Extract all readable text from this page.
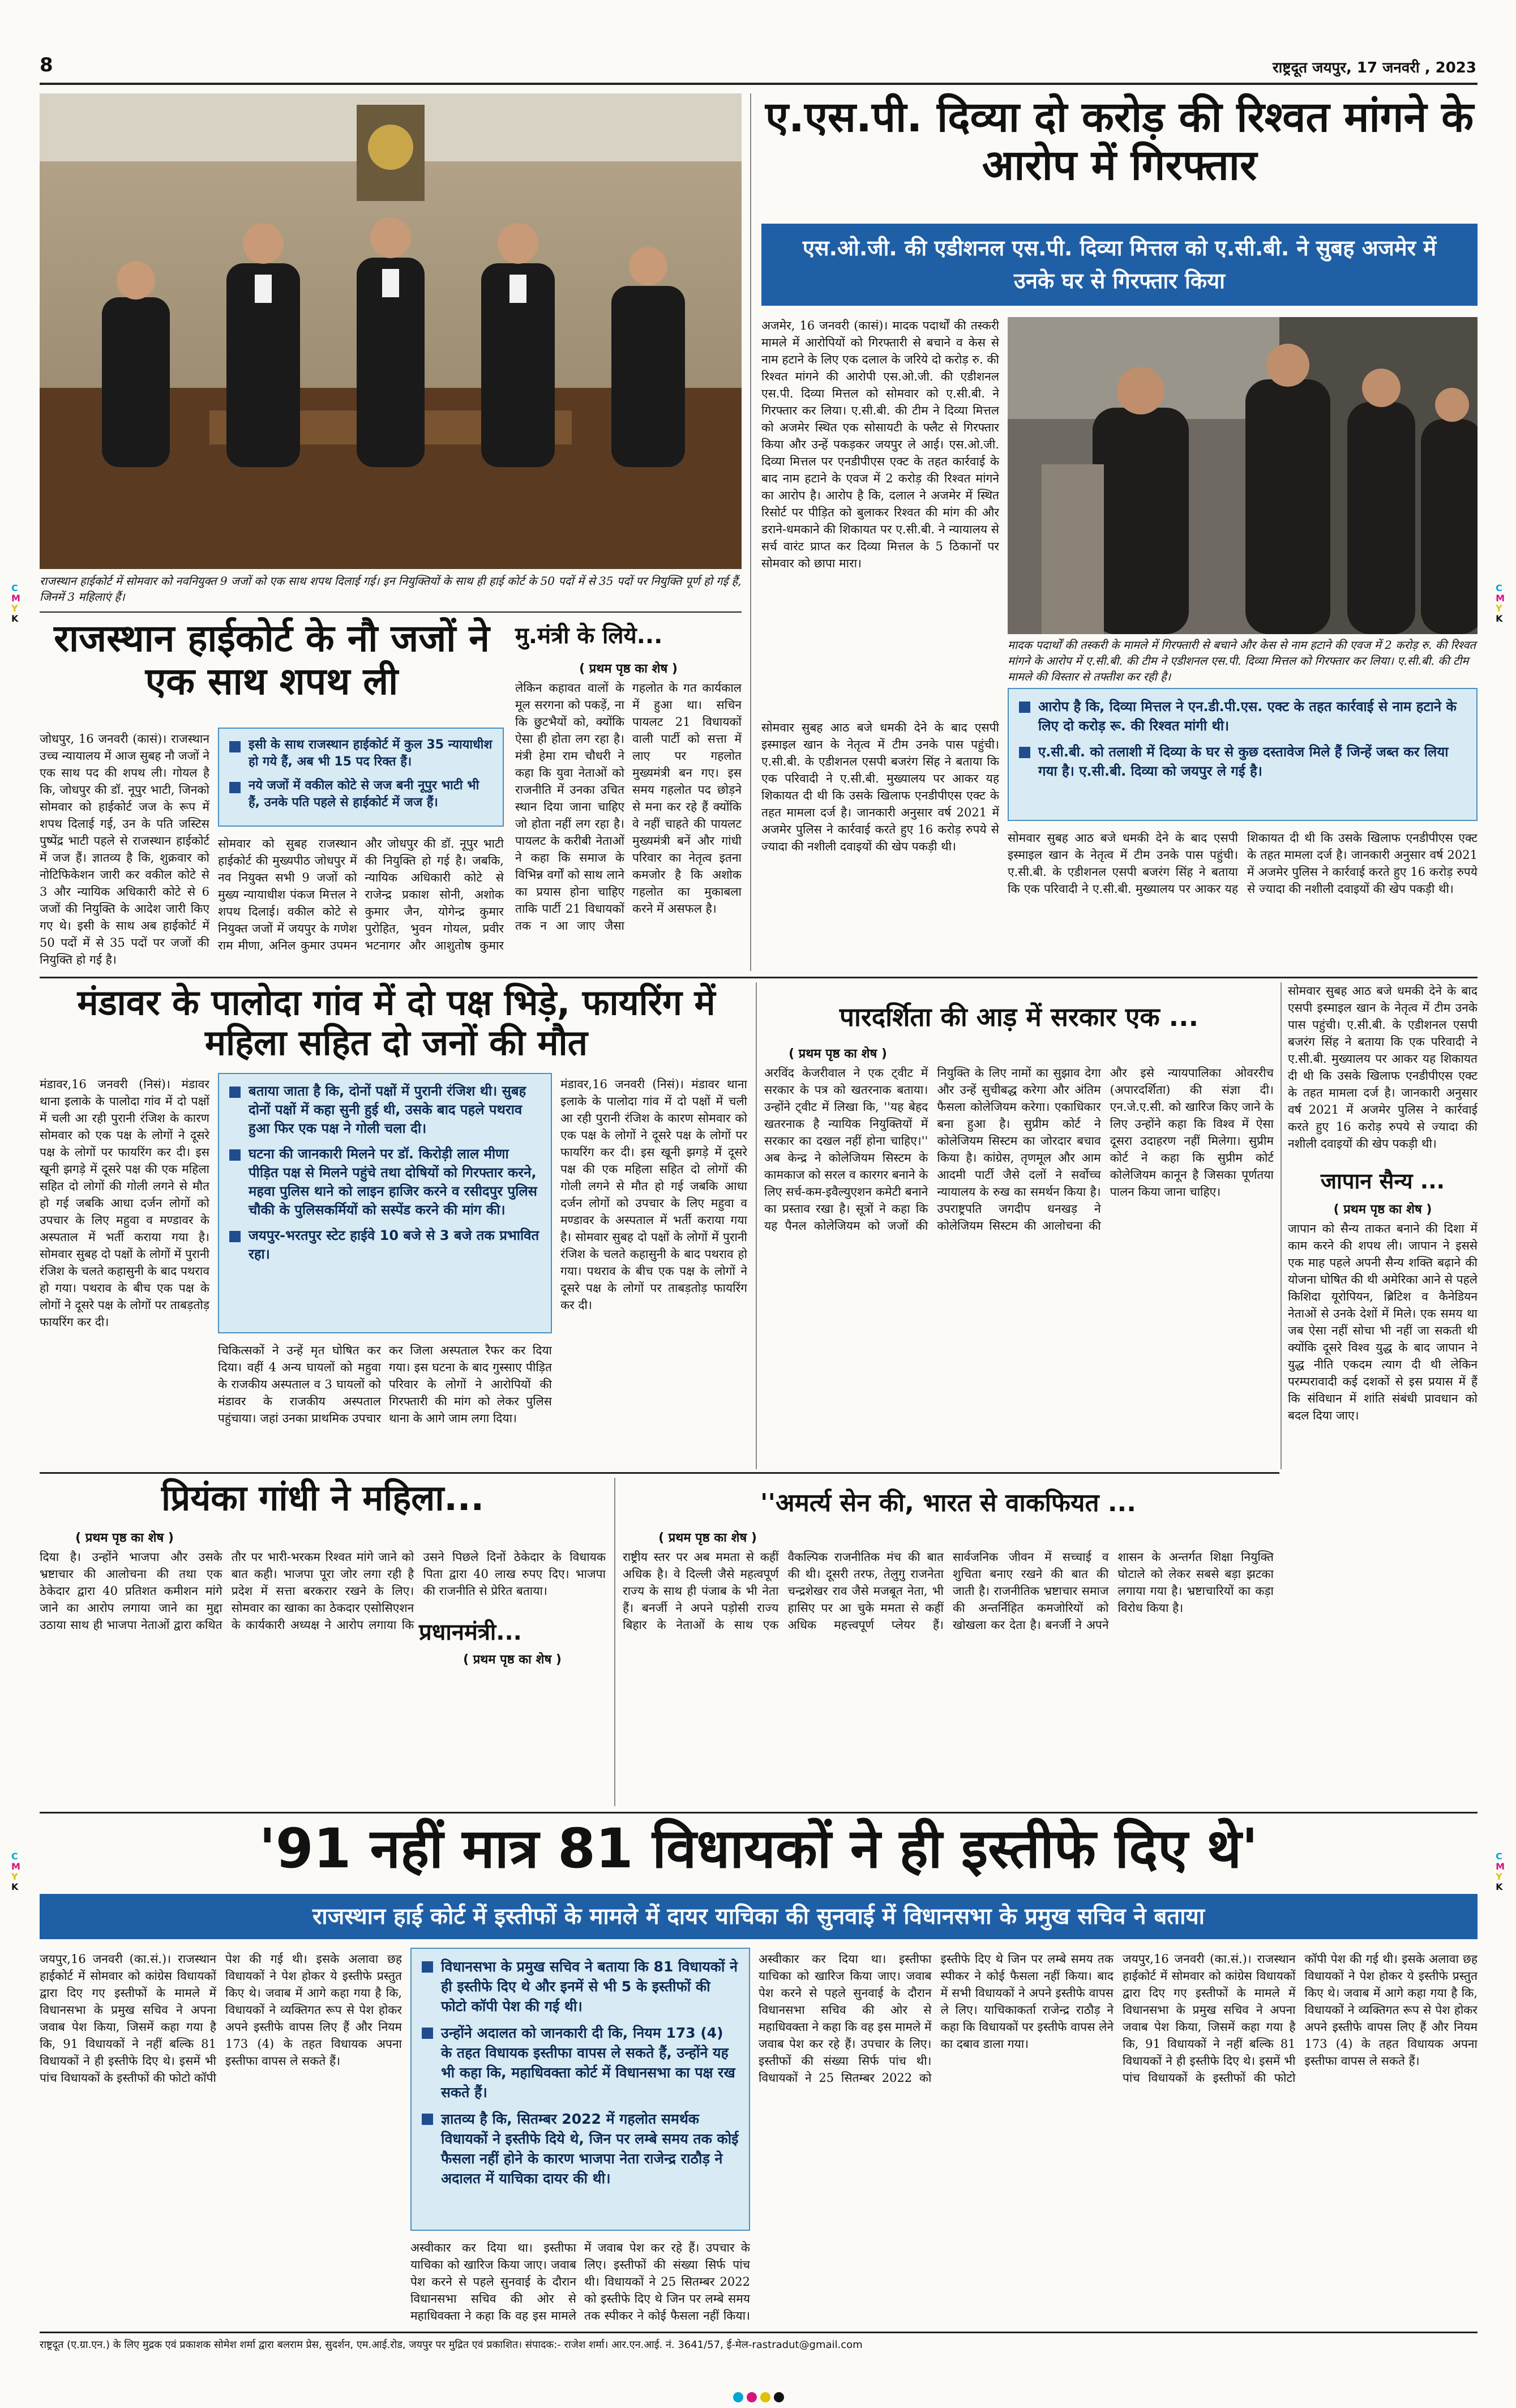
8	राष्ट्रदूत जयपुर, 17 जनवरी , 2023
C
M
Y
K
C
M
Y
K
C
M
Y
K
C
M
Y
K
राजस्थान हाईकोर्ट में सोमवार को नवनियुक्त 9 जजों को एक साथ शपथ दिलाई गई। इन नियुक्तियों के साथ ही हाई कोर्ट के 50 पदों में से 35 पदों पर नियुक्ति पूर्ण हो गई हैं, जिनमें 3 महिलाएं हैं।
राजस्थान हाईकोर्ट के नौ जजों ने एक साथ शपथ ली

जोधपुर, 16 जनवरी (कासं)। राजस्थान उच्च न्यायालय में आज सुबह नौ जजों ने एक साथ पद की शपथ ली। गोयल है कि, जोधपुर की डॉ. नूपुर भाटी, जिनको सोमवार को हाईकोर्ट जज के रूप में शपथ दिलाई गई, उन के पति जस्टिस पुष्पेंद्र भाटी पहले से राजस्थान हाईकोर्ट में जज हैं। ज्ञातव्य है कि, शुक्रवार को नोटिफिकेशन जारी कर वकील कोटे से 3 और न्यायिक अधिकारी कोटे से 6 जजों की नियुक्ति के आदेश जारी किए गए थे। इसी के साथ अब हाईकोर्ट में 50 पदों में से 35 पदों पर जजों की नियुक्ति हो गई है।

इसी के साथ राजस्थान हाईकोर्ट में कुल 35 न्यायाधीश हो गये हैं, अब भी 15 पद रिक्त हैं।
नये जजों में वकील कोटे से जज बनी नूपुर भाटी भी हैं, उनके पति पहले से हाईकोर्ट में जज हैं।

सोमवार को सुबह राजस्थान हाईकोर्ट की मुख्यपीठ जोधपुर में नव नियुक्त सभी 9 जजों को मुख्य न्यायाधीश पंकज मित्तल ने शपथ दिलाई। वकील कोटे से नियुक्त जजों में जयपुर के गणेश राम मीणा, अनिल कुमार उपमन और जोधपुर की डॉ. नूपुर भाटी की नियुक्ति हो गई है। जबकि, न्यायिक अधिकारी कोटे से राजेन्द्र प्रकाश सोनी, अशोक कुमार जैन, योगेन्द्र कुमार पुरोहित, भुवन गोयल, प्रवीर भटनागर और आशुतोष कुमार

मु.मंत्री के लिये...
( प्रथम पृष्ठ का शेष )

लेकिन कहावत वालों के मूल सरगना को पकड़ें, ना कि छुटभैयों को, क्योंकि ऐसा ही होता लग रहा है। मंत्री हेमा राम चौधरी ने कहा कि युवा नेताओं को राजनीति में उनका उचित स्थान दिया जाना चाहिए जो होता नहीं लग रहा है। पायलट के करीबी नेताओं ने कहा कि समाज के विभिन्न वर्गों को साथ लाने का प्रयास होना चाहिए ताकि पार्टी 21 विधायकों तक न आ जाए जैसा गहलोत के गत कार्यकाल में हुआ था। सचिन पायलट 21 विधायकों वाली पार्टी को सत्ता में लाए पर गहलोत मुख्यमंत्री बन गए। इस समय गहलोत पद छोड़ने से मना कर रहे हैं क्योंकि वे नहीं चाहते की पायलट मुख्यमंत्री बनें और गांधी परिवार का नेतृत्व इतना कमजोर है कि अशोक गहलोत का मुकाबला करने में असफल है।

ए.एस.पी. दिव्या दो करोड़ की रिश्वत मांगने के आरोप में गिरफ्तार
एस.ओ.जी. की एडीशनल एस.पी. दिव्या मित्तल को ए.सी.बी. ने सुबह अजमेर में उनके घर से गिरफ्तार किया

अजमेर, 16 जनवरी (कासं)। मादक पदार्थों की तस्करी मामले में आरोपियों को गिरफ्तारी से बचाने व केस से नाम हटाने के लिए एक दलाल के जरिये दो करोड़ रु. की रिश्वत मांगने की आरोपी एस.ओ.जी. की एडीशनल एस.पी. दिव्या मित्तल को सोमवार को ए.सी.बी. ने गिरफ्तार कर लिया। ए.सी.बी. की टीम ने दिव्या मित्तल को अजमेर स्थित एक सोसायटी के फ्लैट से गिरफ्तार किया और उन्हें पकड़कर जयपुर ले आई। एस.ओ.जी. दिव्या मित्तल पर एनडीपीएस एक्ट के तहत कार्रवाई के बाद नाम हटाने के एवज में 2 करोड़ की रिश्वत मांगने का आरोप है। आरोप है कि, दलाल ने अजमेर में स्थित रिसोर्ट पर पीड़ित को बुलाकर रिश्वत की मांग की और डराने-धमकाने की शिकायत पर ए.सी.बी. ने न्यायालय से सर्च वारंट प्राप्त कर दिव्या मित्तल के 5 ठिकानों पर सोमवार को छापा मारा।

मादक पदार्थों की तस्करी के मामले में गिरफ्तारी से बचाने और केस से नाम हटाने की एवज में 2 करोड़ रु. की रिश्वत मांगने के आरोप में ए.सी.बी. की टीम ने एडीशनल एस.पी. दिव्या मित्तल को गिरफ्तार कर लिया। ए.सी.बी. की टीम मामले की विस्तार से तफ्तीश कर रही है।
आरोप है कि, दिव्या मित्तल ने एन.डी.पी.एस. एक्ट के तहत कार्रवाई से नाम हटाने के लिए दो करोड़ रू. की रिश्वत मांगी थी।
ए.सी.बी. को तलाशी में दिव्या के घर से कुछ दस्तावेज मिले हैं जिन्हें जब्त कर लिया गया है। ए.सी.बी. दिव्या को जयपुर ले गई है।

सोमवार सुबह आठ बजे धमकी देने के बाद एसपी इस्माइल खान के नेतृत्व में टीम उनके पास पहुंची। ए.सी.बी. के एडीशनल एसपी बजरंग सिंह ने बताया कि एक परिवादी ने ए.सी.बी. मुख्यालय पर आकर यह शिकायत दी थी कि उसके खिलाफ एनडीपीएस एक्ट के तहत मामला दर्ज है। जानकारी अनुसार वर्ष 2021 में अजमेर पुलिस ने कार्रवाई करते हुए 16 करोड़ रुपये से ज्यादा की नशीली दवाइयों की खेप पकड़ी थी।

सोमवार सुबह आठ बजे धमकी देने के बाद एसपी इस्माइल खान के नेतृत्व में टीम उनके पास पहुंची। ए.सी.बी. के एडीशनल एसपी बजरंग सिंह ने बताया कि एक परिवादी ने ए.सी.बी. मुख्यालय पर आकर यह शिकायत दी थी कि उसके खिलाफ एनडीपीएस एक्ट के तहत मामला दर्ज है। जानकारी अनुसार वर्ष 2021 में अजमेर पुलिस ने कार्रवाई करते हुए 16 करोड़ रुपये से ज्यादा की नशीली दवाइयों की खेप पकड़ी थी।

मंडावर के पालोदा गांव में दो पक्ष भिड़े, फायरिंग में महिला सहित दो जनों की मौत

मंडावर,16 जनवरी (निसं)। मंडावर थाना इलाके के पालोदा गांव में दो पक्षों में चली आ रही पुरानी रंजिश के कारण सोमवार को एक पक्ष के लोगों ने दूसरे पक्ष के लोगों पर फायरिंग कर दी। इस खूनी झगड़े में दूसरे पक्ष की एक महिला सहित दो लोगों की गोली लगने से मौत हो गई जबकि आधा दर्जन लोगों को उपचार के लिए महुवा व मण्डावर के अस्पताल में भर्ती कराया गया है। सोमवार सुबह दो पक्षों के लोगों में पुरानी रंजिश के चलते कहासुनी के बाद पथराव हो गया। पथराव के बीच एक पक्ष के लोगों ने दूसरे पक्ष के लोगों पर ताबड़तोड़ फायरिंग कर दी।

बताया जाता है कि, दोनों पक्षों में पुरानी रंजिश थी। सुबह दोनों पक्षों में कहा सुनी हुई थी, उसके बाद पहले पथराव हुआ फिर एक पक्ष ने गोली चला दी।
घटना की जानकारी मिलने पर डॉ. किरोड़ी लाल मीणा पीड़ित पक्ष से मिलने पहुंचे तथा दोषियों को गिरफ्तार करने, महवा पुलिस थाने को लाइन हाजिर करने व रसीदपुर पुलिस चौकी के पुलिसकर्मियों को सस्पेंड करने की मांग की।
जयपुर-भरतपुर स्टेट हाईवे 10 बजे से 3 बजे तक प्रभावित रहा।

मंडावर,16 जनवरी (निसं)। मंडावर थाना इलाके के पालोदा गांव में दो पक्षों में चली आ रही पुरानी रंजिश के कारण सोमवार को एक पक्ष के लोगों ने दूसरे पक्ष के लोगों पर फायरिंग कर दी। इस खूनी झगड़े में दूसरे पक्ष की एक महिला सहित दो लोगों की गोली लगने से मौत हो गई जबकि आधा दर्जन लोगों को उपचार के लिए महुवा व मण्डावर के अस्पताल में भर्ती कराया गया है। सोमवार सुबह दो पक्षों के लोगों में पुरानी रंजिश के चलते कहासुनी के बाद पथराव हो गया। पथराव के बीच एक पक्ष के लोगों ने दूसरे पक्ष के लोगों पर ताबड़तोड़ फायरिंग कर दी।

चिकित्सकों ने उन्हें मृत घोषित कर दिया। वहीं 4 अन्य घायलों को महुवा के राजकीय अस्पताल व 3 घायलों को मंडावर के राजकीय अस्पताल पहुंचाया। जहां उनका प्राथमिक उपचार कर जिला अस्पताल रैफर कर दिया गया। इस घटना के बाद गुस्साए पीड़ित परिवार के लोगों ने आरोपियों की गिरफ्तारी की मांग को लेकर पुलिस थाना के आगे जाम लगा दिया।

पारदर्शिता की आड़ में सरकार एक ...
( प्रथम पृष्ठ का शेष )

अरविंद केजरीवाल ने एक ट्वीट में सरकार के पत्र को खतरनाक बताया। उन्होंने ट्वीट में लिखा कि, ''यह बेहद खतरनाक है न्यायिक नियुक्तियों में सरकार का दखल नहीं होना चाहिए।'' अब केन्द्र ने कोलेजियम सिस्टम के कामकाज को सरल व कारगर बनाने के लिए सर्च-कम-इवैल्युएशन कमेटी बनाने का प्रस्ताव रखा है। सूत्रों ने कहा कि यह पैनल कोलेजियम को जजों की नियुक्ति के लिए नामों का सुझाव देगा और उन्हें सुचीबद्ध करेगा और अंतिम फैसला कोलेजियम करेगा। एकाधिकार बना हुआ है। सुप्रीम कोर्ट ने कोलेजियम सिस्टम का जोरदार बचाव किया है। कांग्रेस, तृणमूल और आम आदमी पार्टी जैसे दलों ने सर्वोच्च न्यायालय के रुख का समर्थन किया है। उपराष्ट्रपति जगदीप धनखड़ ने कोलेजियम सिस्टम की आलोचना की और इसे न्यायपालिका ओवररीच (अपारदर्शिता) की संज्ञा दी। एन.जे.ए.सी. को खारिज किए जाने के लिए उन्होंने कहा कि विश्व में ऐसा दूसरा उदाहरण नहीं मिलेगा। सुप्रीम कोर्ट ने कहा कि सुप्रीम कोर्ट कोलेजियम कानून है जिसका पूर्णतया पालन किया जाना चाहिए।

सोमवार सुबह आठ बजे धमकी देने के बाद एसपी इस्माइल खान के नेतृत्व में टीम उनके पास पहुंची। ए.सी.बी. के एडीशनल एसपी बजरंग सिंह ने बताया कि एक परिवादी ने ए.सी.बी. मुख्यालय पर आकर यह शिकायत दी थी कि उसके खिलाफ एनडीपीएस एक्ट के तहत मामला दर्ज है। जानकारी अनुसार वर्ष 2021 में अजमेर पुलिस ने कार्रवाई करते हुए 16 करोड़ रुपये से ज्यादा की नशीली दवाइयों की खेप पकड़ी थी।

जापान सैन्य ...
( प्रथम पृष्ठ का शेष )

जापान को सैन्य ताकत बनाने की दिशा में काम करने की शपथ ली। जापान ने इससे एक माह पहले अपनी सैन्य शक्ति बढ़ाने की योजना घोषित की थी अमेरिका आने से पहले किशिदा यूरोपियन, ब्रिटिश व कैनेडियन नेताओं से उनके देशों में मिले। एक समय था जब ऐसा नहीं सोचा भी नहीं जा सकती थी क्योंकि दूसरे विश्व युद्ध के बाद जापान ने युद्ध नीति एकदम त्याग दी थी लेकिन परम्परावादी कई दशकों से इस प्रयास में हैं कि संविधान में शांति संबंधी प्रावधान को बदल दिया जाए।

प्रियंका गांधी ने महिला...
( प्रथम पृष्ठ का शेष )

दिया है। उन्होंने भाजपा और उसके भ्रष्टाचार की आलोचना की तथा एक ठेकेदार द्वारा 40 प्रतिशत कमीशन मांगे जाने का आरोप लगाया जाने का मुद्दा उठाया साथ ही भाजपा नेताओं द्वारा कथित तौर पर भारी-भरकम रिश्वत मांगे जाने को बात कही। भाजपा पूरा जोर लगा रही है प्रदेश में सत्ता बरकरार रखने के लिए। सोमवार का खाका का ठेकदार एसोसिएशन के कार्यकारी अध्यक्ष ने आरोप लगाया कि उसने पिछले दिनों ठेकेदार के विधायक पिता द्वारा 40 लाख रुपए दिए। भाजपा की राजनीति से प्रेरित बताया।

प्रधानमंत्री...
( प्रथम पृष्ठ का शेष )
''अमर्त्य सेन की, भारत से वाकफियत ...
( प्रथम पृष्ठ का शेष )

राष्ट्रीय स्तर पर अब ममता से कहीं अधिक है। वे दिल्ली जैसे महत्वपूर्ण राज्य के साथ ही पंजाब के भी नेता हैं। बनर्जी ने अपने पड़ोसी राज्य बिहार के नेताओं के साथ एक वैकल्पिक राजनीतिक मंच की बात की थी। दूसरी तरफ, तेलुगु राजनेता चन्द्रशेखर राव जैसे मजबूत नेता, भी हासिए पर आ चुके ममता से कहीं अधिक महत्त्वपूर्ण प्लेयर हैं। सार्वजनिक जीवन में सच्चाई व शुचिता बनाए रखने की बात की जाती है। राजनीतिक भ्रष्टाचार समाज की अन्तर्निहित कमजोरियों को खोखला कर देता है। बनर्जी ने अपने शासन के अन्तर्गत शिक्षा नियुक्ति घोटाले को लेकर सबसे बड़ा झटका लगाया गया है। भ्रष्टाचारियों का कड़ा विरोध किया है।

'91 नहीं मात्र 81 विधायकों ने ही इस्तीफे दिए थे'
राजस्थान हाई कोर्ट में इस्तीफों के मामले में दायर याचिका की सुनवाई में विधानसभा के प्रमुख सचिव ने बताया

जयपुर,16 जनवरी (का.सं.)। राजस्थान हाईकोर्ट में सोमवार को कांग्रेस विधायकों द्वारा दिए गए इस्तीफों के मामले में विधानसभा के प्रमुख सचिव ने अपना जवाब पेश किया, जिसमें कहा गया है कि, 91 विधायकों ने नहीं बल्कि 81 विधायकों ने ही इस्तीफे दिए थे। इसमें भी पांच विधायकों के इस्तीफों की फोटो कॉपी पेश की गई थी। इसके अलावा छह विधायकों ने पेश होकर ये इस्तीफे प्रस्तुत किए थे। जवाब में आगे कहा गया है कि, विधायकों ने व्यक्तिगत रूप से पेश होकर अपने इस्तीफे वापस लिए हैं और नियम 173 (4) के तहत विधायक अपना इस्तीफा वापस ले सकते हैं।

विधानसभा के प्रमुख सचिव ने बताया कि 81 विधायकों ने ही इस्तीफे दिए थे और इनमें से भी 5 के इस्तीफों की फोटो कॉपी पेश की गई थी।
उन्होंने अदालत को जानकारी दी कि, नियम 173 (4) के तहत विधायक इस्तीफा वापस ले सकते हैं, उन्होंने यह भी कहा कि, महाधिवक्ता कोर्ट में विधानसभा का पक्ष रख सकते हैं।
ज्ञातव्य है कि, सितम्बर 2022 में गहलोत समर्थक विधायकों ने इस्तीफे दिये थे, जिन पर लम्बे समय तक कोई फैसला नहीं होने के कारण भाजपा नेता राजेन्द्र राठौड़ ने अदालत में याचिका दायर की थी।

अस्वीकार कर दिया था। इस्तीफा याचिका को खारिज किया जाए। जवाब पेश करने से पहले सुनवाई के दौरान विधानसभा सचिव की ओर से महाधिवक्ता ने कहा कि वह इस मामले में जवाब पेश कर रहे हैं। उपचार के लिए। इस्तीफों की संख्या सिर्फ पांच थी। विधायकों ने 25 सितम्बर 2022 को इस्तीफे दिए थे जिन पर लम्बे समय तक स्पीकर ने कोई फैसला नहीं किया।

अस्वीकार कर दिया था। इस्तीफा याचिका को खारिज किया जाए। जवाब पेश करने से पहले सुनवाई के दौरान विधानसभा सचिव की ओर से महाधिवक्ता ने कहा कि वह इस मामले में जवाब पेश कर रहे हैं। उपचार के लिए। इस्तीफों की संख्या सिर्फ पांच थी। विधायकों ने 25 सितम्बर 2022 को इस्तीफे दिए थे जिन पर लम्बे समय तक स्पीकर ने कोई फैसला नहीं किया। बाद में सभी विधायकों ने अपने इस्तीफे वापस ले लिए। याचिकाकर्ता राजेन्द्र राठौड़ ने कहा कि विधायकों पर इस्तीफे वापस लेने का दबाव डाला गया।

जयपुर,16 जनवरी (का.सं.)। राजस्थान हाईकोर्ट में सोमवार को कांग्रेस विधायकों द्वारा दिए गए इस्तीफों के मामले में विधानसभा के प्रमुख सचिव ने अपना जवाब पेश किया, जिसमें कहा गया है कि, 91 विधायकों ने नहीं बल्कि 81 विधायकों ने ही इस्तीफे दिए थे। इसमें भी पांच विधायकों के इस्तीफों की फोटो कॉपी पेश की गई थी। इसके अलावा छह विधायकों ने पेश होकर ये इस्तीफे प्रस्तुत किए थे। जवाब में आगे कहा गया है कि, विधायकों ने व्यक्तिगत रूप से पेश होकर अपने इस्तीफे वापस लिए हैं और नियम 173 (4) के तहत विधायक अपना इस्तीफा वापस ले सकते हैं।

राष्ट्रदूत (ए.ग्रा.एन.) के लिए मुद्रक एवं प्रकाशक सोमेश शर्मा द्वारा बलराम प्रेस, सुदर्शन, एम.आई.रोड, जयपुर पर मुद्रित एवं प्रकाशित। संपादक:- राजेश शर्मा। आर.एन.आई. नं. 3641/57, ई-मेल-rastradut@gmail.com
